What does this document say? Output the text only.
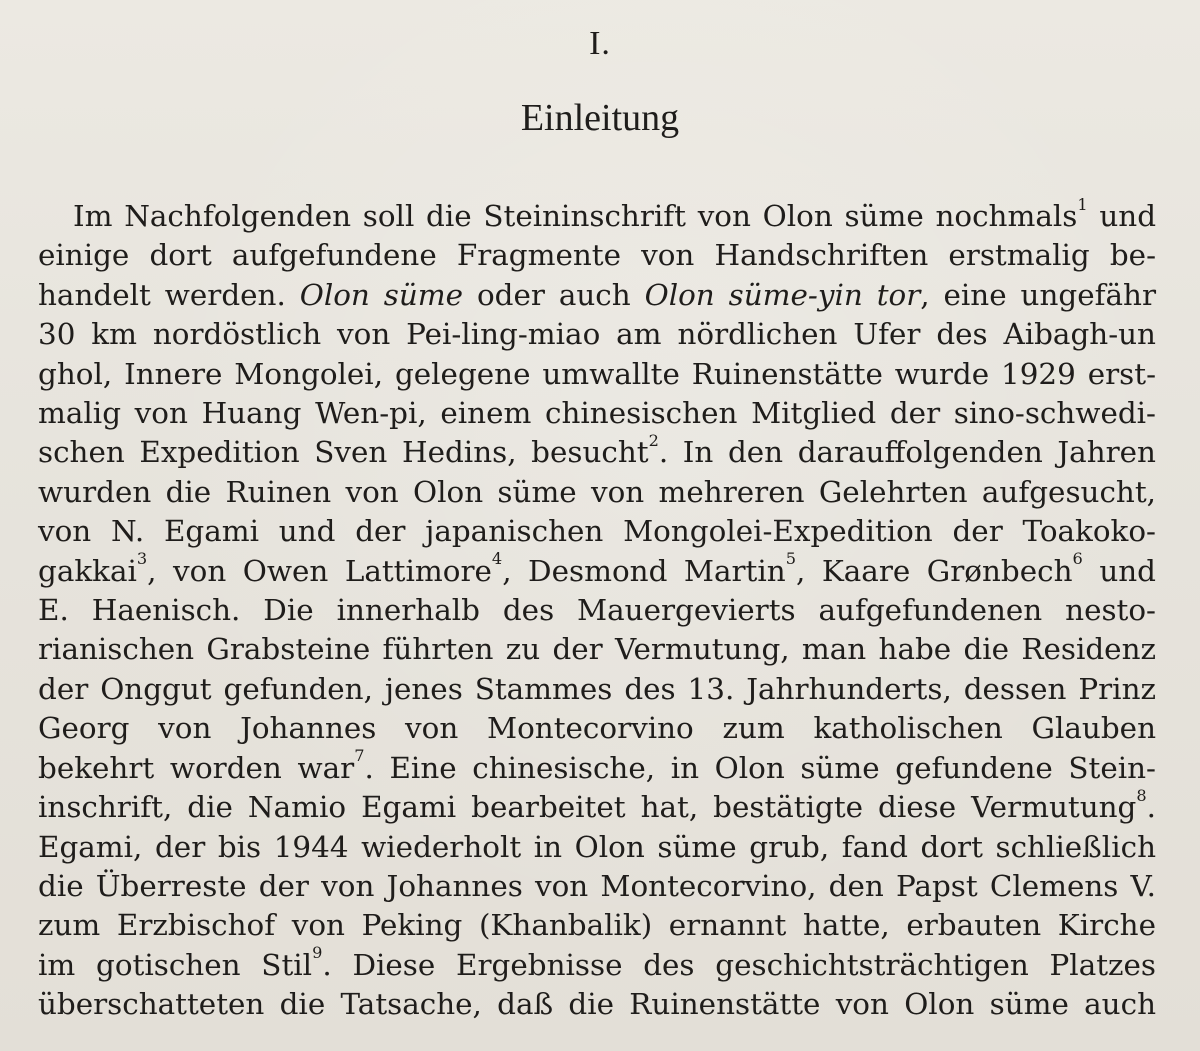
I.
Einleitung
Im Nachfolgenden soll die Steininschrift von Olon süme nochmals$^1$ und
einige dort aufgefundene Fragmente von Handschriften erstmalig be-
handelt werden. Olon süme oder auch Olon süme-yin tor, eine ungefähr
30 km nordöstlich von Pei-ling-miao am nördlichen Ufer des Aibagh-un
ghol, Innere Mongolei, gelegene umwallte Ruinenstätte wurde 1929 erst-
malig von Huang Wen-pi, einem chinesischen Mitglied der sino-schwedi-
schen Expedition Sven Hedins, besucht$^2$. In den darauffolgenden Jahren
wurden die Ruinen von Olon süme von mehreren Gelehrten aufgesucht,
von N. Egami und der japanischen Mongolei-Expedition der Toakoko-
gakkai$^3$, von Owen Lattimore$^4$, Desmond Martin$^5$, Kaare Grønbech$^6$ und
E. Haenisch. Die innerhalb des Mauergevierts aufgefundenen nesto-
rianischen Grabsteine führten zu der Vermutung, man habe die Residenz
der Onggut gefunden, jenes Stammes des 13. Jahrhunderts, dessen Prinz
Georg von Johannes von Montecorvino zum katholischen Glauben
bekehrt worden war$^7$. Eine chinesische, in Olon süme gefundene Stein-
inschrift, die Namio Egami bearbeitet hat, bestätigte diese Vermutung$^8$.
Egami, der bis 1944 wiederholt in Olon süme grub, fand dort schließlich
die Überreste der von Johannes von Montecorvino, den Papst Clemens V.
zum Erzbischof von Peking (Khanbalik) ernannt hatte, erbauten Kirche
im gotischen Stil$^9$. Diese Ergebnisse des geschichtsträchtigen Platzes
überschatteten die Tatsache, daß die Ruinenstätte von Olon süme auch
